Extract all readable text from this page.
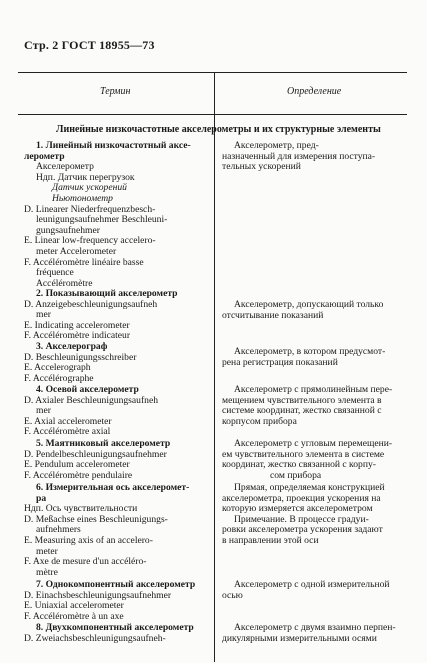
Стр. 2 ГОСТ 18955—73
Термин	Определение
Линейные низкочастотные акселерометры и их структурные элементы
1. Линейный низкочастотный аксе-
лерометр
Акселерометр
Ндп. Датчик перегрузок
Датчик ускорений
Ньютонометр
D. Linearer Niederfrequenzbesch-
leunigungsaufnehmer Beschleuni-
gungsaufnehmer
E. Linear low-frequency accelero-
meter Accelerometer
F. Accéléromètre linéaire basse
fréquence
Accéléromètre
Акселерометр, пред-
назначенный для измерения поступа-
тельных ускорений
2. Показывающий акселерометр
D. Anzeigebeschleunigungsaufneh
mer
E. Indicating accelerometer
F. Accéléromètre indicateur
Акселерометр, допускающий только
отсчитывание показаний
3. Акселерограф
D. Beschleunigungsschreiber
E. Accelerograph
F. Accélérographe
Акселерометр, в котором предусмот-
рена регистрация показаний
4. Осевой акселерометр
D. Axialer Beschleunigungsaufneh
mer
E. Axial accelerometer
F. Accéléromètre axial
Акселерометр с прямолинейным пере-
мещением чувствительного элемента в
системе координат, жестко связанной с
корпусом прибора
5. Маятниковый акселерометр
D. Pendelbeschleunigungsaufnehmer
E. Pendulum accelerometer
F. Accéléromètre pendulaire
Акселерометр с угловым перемещени-
ем чувствительного элемента в системе
координат, жестко связанной с корпу-
сом прибора
6. Измерительная ось акселеромет-
ра
Ндп. Ось чувствительности
D. Meßachse eines Beschleunigungs-
aufnehmers
E. Measuring axis of an accelero-
meter
F. Axe de mesure d'un accéléro-
mètre
Прямая, определяемая конструкцией
акселерометра, проекция ускорения на
которую измеряется акселерометром
Примечание. В процессе градуи-
ровки акселерометра ускорения задают
в направлении этой оси
7. Однокомпонентный акселерометр
D. Einachsbeschleunigungsaufnehmer
E. Uniaxial accelerometer
F. Accéléromètre à un axe
Акселерометр с одной измерительной
осью
8. Двухкомпонентный акселерометр
D. Zweiachsbeschleunigungsaufneh-
Акселерометр с двумя взаимно перпен-
дикулярными измерительными осями
